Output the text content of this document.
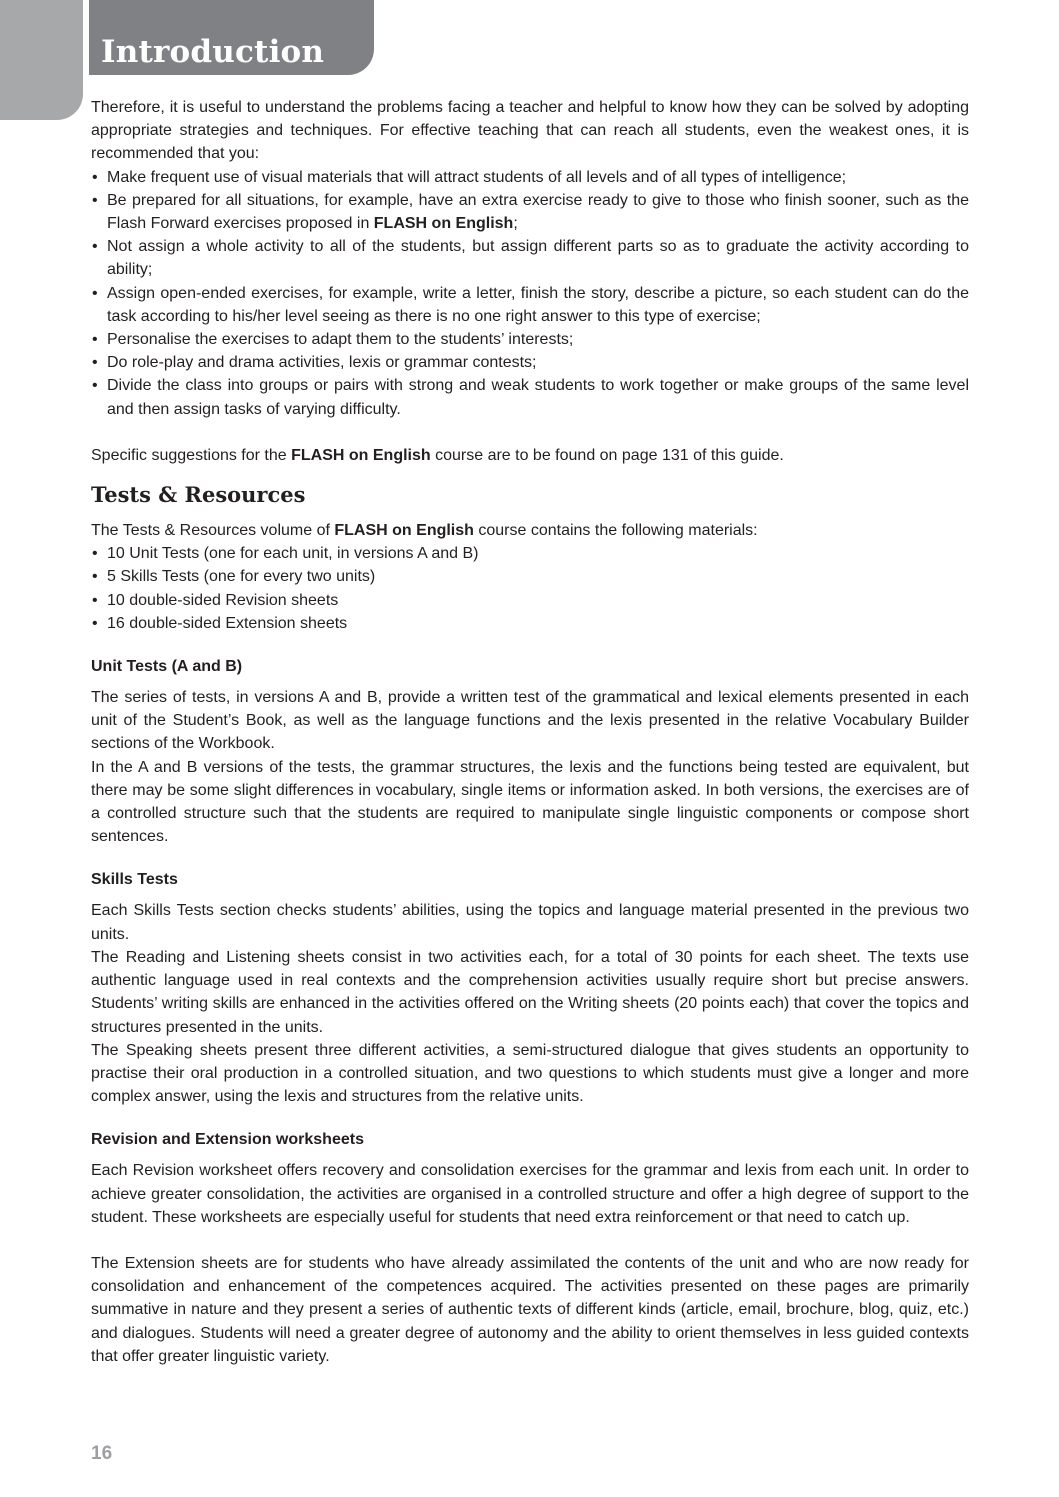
Introduction

Therefore, it is useful to understand the problems facing a teacher and helpful to know how they can be solved by adopting appropriate strategies and techniques. For effective teaching that can reach all students, even the weakest ones, it is recommended that you:

• Make frequent use of visual materials that will attract students of all levels and of all types of intelligence;
• Be prepared for all situations, for example, have an extra exercise ready to give to those who finish sooner, such as the Flash Forward exercises proposed in FLASH on English;
• Not assign a whole activity to all of the students, but assign different parts so as to graduate the activity according to ability;
• Assign open-ended exercises, for example, write a letter, finish the story, describe a picture, so each student can do the task according to his/her level seeing as there is no one right answer to this type of exercise;
• Personalise the exercises to adapt them to the students’ interests;
• Do role-play and drama activities, lexis or grammar contests;
• Divide the class into groups or pairs with strong and weak students to work together or make groups of the same level and then assign tasks of varying difficulty.

Specific suggestions for the FLASH on English course are to be found on page 131 of this guide.

Tests & Resources

The Tests & Resources volume of FLASH on English course contains the following materials:

• 10 Unit Tests (one for each unit, in versions A and B)
• 5 Skills Tests (one for every two units)
• 10 double-sided Revision sheets
• 16 double-sided Extension sheets
Unit Tests (A and B)

The series of tests, in versions A and B, provide a written test of the grammatical and lexical elements presented in each unit of the Student’s Book, as well as the language functions and the lexis presented in the relative Vocabulary Builder sections of the Workbook.

In the A and B versions of the tests, the grammar structures, the lexis and the functions being tested are equivalent, but there may be some slight differences in vocabulary, single items or information asked. In both versions, the exercises are of a controlled structure such that the students are required to manipulate single linguistic components or compose short sentences.

Skills Tests

Each Skills Tests section checks students’ abilities, using the topics and language material presented in the previous two units.

The Reading and Listening sheets consist in two activities each, for a total of 30 points for each sheet. The texts use authentic language used in real contexts and the comprehension activities usually require short but precise answers. Students’ writing skills are enhanced in the activities offered on the Writing sheets (20 points each) that cover the topics and structures presented in the units.

The Speaking sheets present three different activities, a semi-structured dialogue that gives students an opportunity to practise their oral production in a controlled situation, and two questions to which students must give a longer and more complex answer, using the lexis and structures from the relative units.

Revision and Extension worksheets

Each Revision worksheet offers recovery and consolidation exercises for the grammar and lexis from each unit. In order to achieve greater consolidation, the activities are organised in a controlled structure and offer a high degree of support to the student. These worksheets are especially useful for students that need extra reinforcement or that need to catch up.

The Extension sheets are for students who have already assimilated the contents of the unit and who are now ready for consolidation and enhancement of the competences acquired. The activities presented on these pages are primarily summative in nature and they present a series of authentic texts of different kinds (article, email, brochure, blog, quiz, etc.) and dialogues. Students will need a greater degree of autonomy and the ability to orient themselves in less guided contexts that offer greater linguistic variety.

16
